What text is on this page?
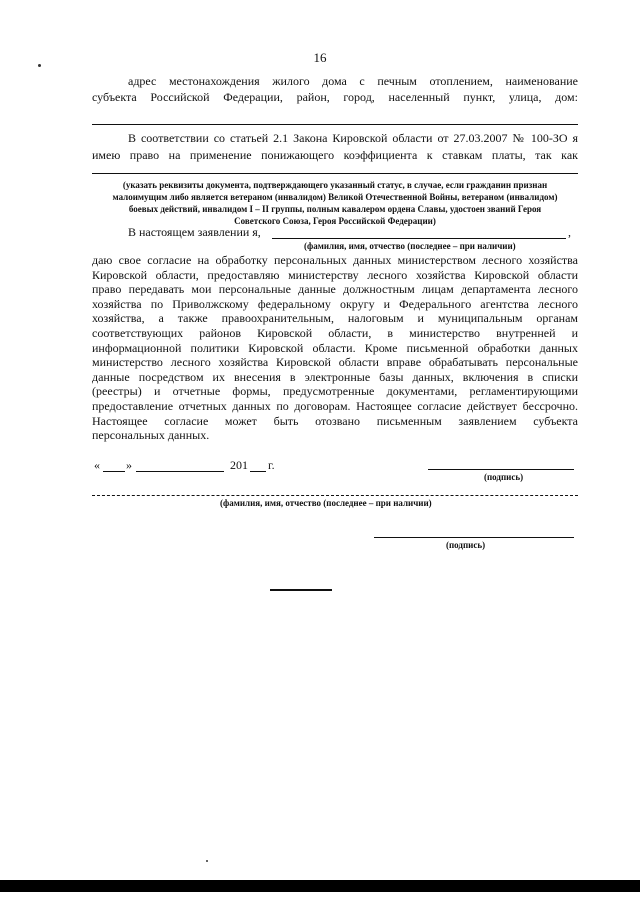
16
адрес местонахождения жилого дома с печным отоплением, наименование
субъекта Российской Федерации, район, город, населенный пункт, улица, дом:
В соответствии со статьей 2.1 Закона Кировской области от 27.03.2007 № 100-ЗО я
имею право на применение понижающего коэффициента к ставкам платы, так как
(указать реквизиты документа, подтверждающего указанный статус, в случае, если гражданин признан
малоимущим либо является ветераном (инвалидом) Великой Отечественной Войны, ветераном (инвалидом)
боевых действий, инвалидом I – II группы, полным кавалером ордена Славы, удостоен званий Героя
Советского Союза, Героя Российской Федерации)
В настоящем заявлении я,	,
(фамилия, имя, отчество (последнее – при наличии)
даю свое согласие на обработку персональных данных министерством лесного хозяйства
Кировской области, предоставляю министерству лесного хозяйства Кировской области
право передавать мои персональные данные должностным лицам департамента лесного
хозяйства по Приволжскому федеральному округу и Федерального агентства лесного
хозяйства, а также правоохранительным, налоговым и муниципальным органам
соответствующих районов Кировской области, в министерство внутренней и
информационной политики Кировской области. Кроме письменной обработки данных
министерство лесного хозяйства Кировской области вправе обрабатывать персональные
данные посредством их внесения в электронные базы данных, включения в списки
(реестры) и отчетные формы, предусмотренные документами, регламентирующими
предоставление отчетных данных по договорам. Настоящее согласие действует бессрочно.
Настоящее согласие может быть отозвано письменным заявлением субъекта
персональных данных.
« »	201 г.
(подпись)
(фамилия, имя, отчество (последнее – при наличии)
(подпись)
